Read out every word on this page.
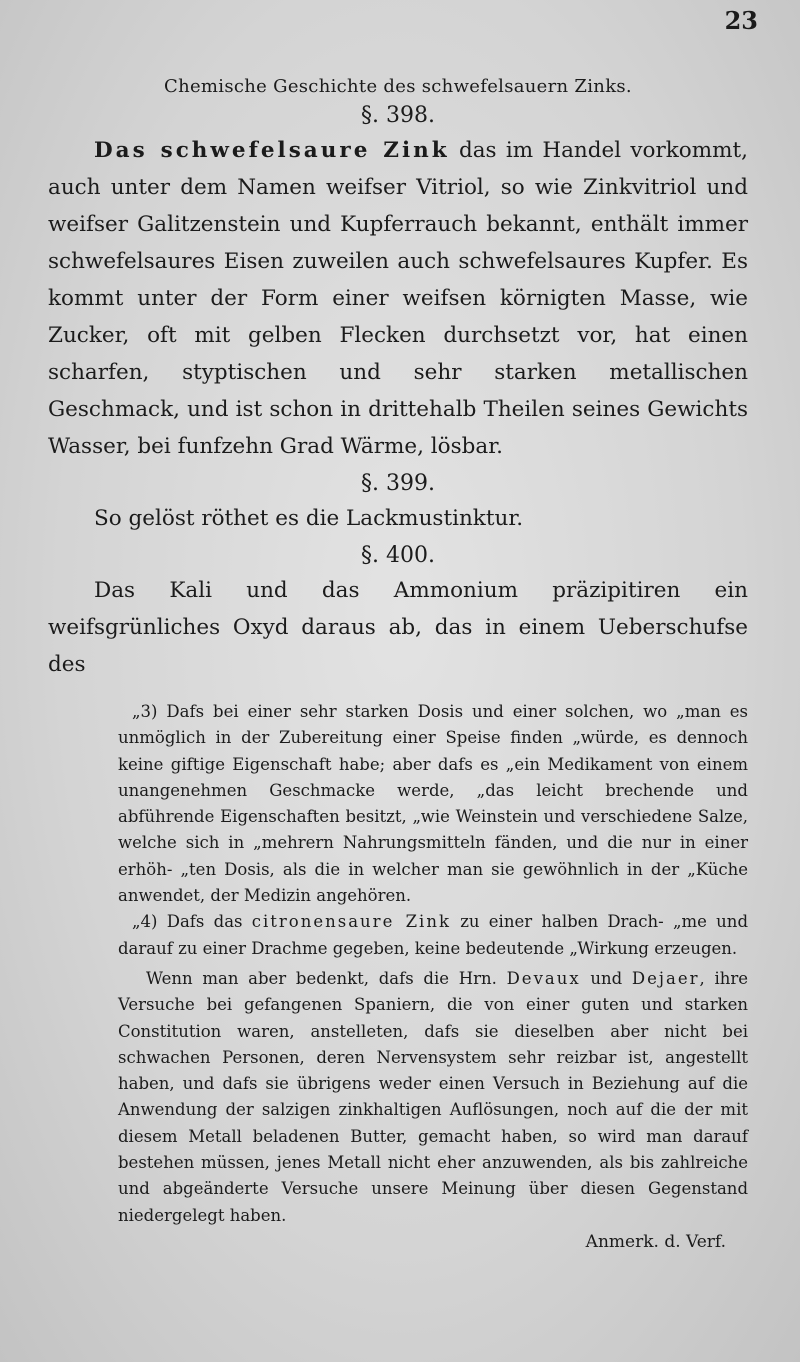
23

Chemische Geschichte des schwefelsauern Zinks.

§. 398.

Das schwefelsaure Zink das im Handel vorkommt, auch unter dem Namen weifser Vitriol, so wie Zinkvitriol und weifser Galitzenstein und Kupferrauch bekannt, enthält immer schwefelsaures Eisen zuweilen auch schwefelsaures Kupfer. Es kommt unter der Form einer weifsen körnigten Masse, wie Zucker, oft mit gelben Flecken durchsetzt vor, hat einen scharfen, styptischen und sehr starken metallischen Geschmack, und ist schon in drittehalb Theilen seines Gewichts Wasser, bei funfzehn Grad Wärme, lösbar.

§. 399.

So gelöst röthet es die Lackmustinktur.

§. 400.

Das Kali und das Ammonium präzipitiren ein weifsgrünliches Oxyd daraus ab, das in einem Ueberschufse des

„3) Dafs bei einer sehr starken Dosis und einer solchen, wo „man es unmöglich in der Zubereitung einer Speise finden „würde, es dennoch keine giftige Eigenschaft habe; aber dafs es „ein Medikament von einem unangenehmen Geschmacke werde, „das leicht brechende und abführende Eigenschaften besitzt, „wie Weinstein und verschiedene Salze, welche sich in „mehrern Nahrungsmitteln fänden, und die nur in einer erhöh- „ten Dosis, als die in welcher man sie gewöhnlich in der „Küche anwendet, der Medizin angehören.

„4) Dafs das citronensaure Zink zu einer halben Drach- „me und darauf zu einer Drachme gegeben, keine bedeutende „Wirkung erzeugen.

Wenn man aber bedenkt, dafs die Hrn. Devaux und Dejaer, ihre Versuche bei gefangenen Spaniern, die von einer guten und starken Constitution waren, anstelleten, dafs sie dieselben aber nicht bei schwachen Personen, deren Nervensystem sehr reizbar ist, angestellt haben, und dafs sie übrigens weder einen Versuch in Beziehung auf die Anwendung der salzigen zinkhaltigen Auflösungen, noch auf die der mit diesem Metall beladenen Butter, gemacht haben, so wird man darauf bestehen müssen, jenes Metall nicht eher anzuwenden, als bis zahlreiche und abgeänderte Versuche unsere Meinung über diesen Gegenstand niedergelegt haben.

Anmerk. d. Verf.
